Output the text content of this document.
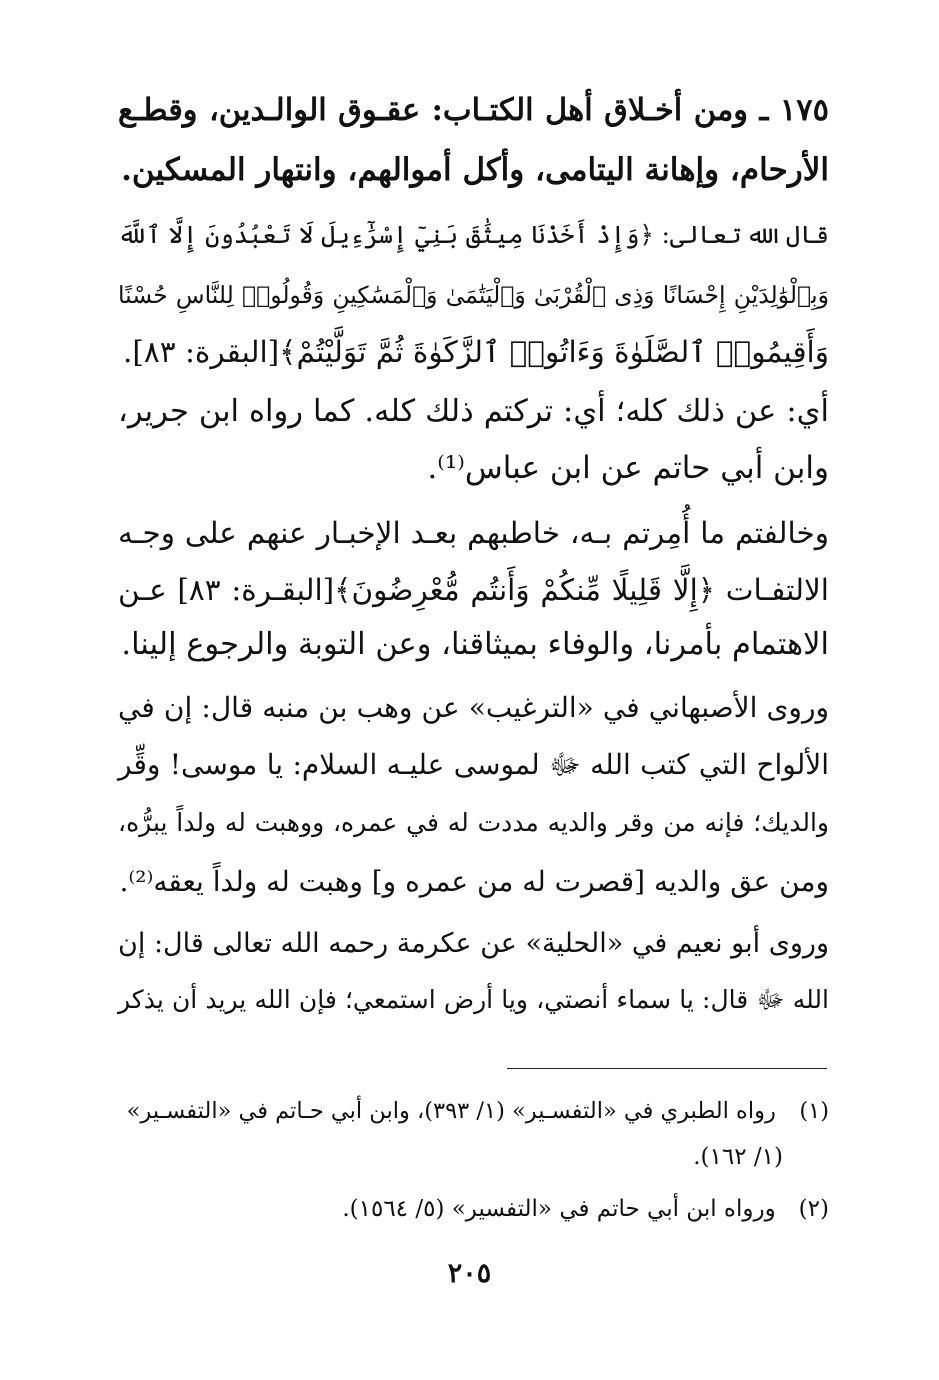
١٧٥ ـ ومن أخـلاق أهل الكتـاب: عقـوق الوالـدين، وقطـع
الأرحام، وإهانة اليتامى، وأكل أموالهم، وانتهار المسكين.
قال الله تعالى: ﴿وَإِذْ أَخَذْنَا مِيثَٰقَ بَنِيٓ إِسْرَٰٓءِيلَ لَا تَعْبُدُونَ إِلَّا ٱللَّهَ
وَبِٱلْوَٰلِدَيْنِ إِحْسَانًا وَذِى ٱلْقُرْبَىٰ وَٱلْيَتَٰمَىٰ وَٱلْمَسَٰكِينِ وَقُولُوا۟ لِلنَّاسِ حُسْنًا
وَأَقِيمُوا۟ ٱلصَّلَوٰةَ وَءَاتُوا۟ ٱلزَّكَوٰةَ ثُمَّ تَوَلَّيْتُمْ﴾[البقرة: ٨٣].
أي: عن ذلك كله؛ أي: تركتم ذلك كله. كما رواه ابن جرير،
وابن أبي حاتم عن ابن عباس⁽¹⁾.
وخالفتم ما أُمِرتم بـه، خاطبهم بعـد الإخبـار عنهم على وجـه
الالتفـات ﴿إِلَّا قَلِيلًا مِّنكُمْ وَأَنتُم مُّعْرِضُونَ﴾[البقـرة: ٨٣] عـن
الاهتمام بأمرنا، والوفاء بميثاقنا، وعن التوبة والرجوع إلينا.
وروى الأصبهاني في «الترغيب» عن وهب بن منبه قال: إن في
الألواح التي كتب الله ﷻ لموسى عليـه السلام: يا موسى! وقِّر
والديك؛ فإنه من وقر والديه مددت له في عمره، ووهبت له ولداً يبرُّه،
ومن عق والديه [قصرت له من عمره و] وهبت له ولداً يعقه⁽²⁾.
وروى أبو نعيم في «الحلية» عن عكرمة رحمه الله تعالى قال: إن
الله ﷻ قال: يا سماء أنصتي، ويا أرض استمعي؛ فإن الله يريد أن يذكر
(١) رواه الطبري في «التفسـير» (١/ ٣٩٣)، وابن أبي حـاتم في «التفسـير»
(١/ ١٦٢).
(٢) ورواه ابن أبي حاتم في «التفسير» (٥/ ١٥٦٤).
٢٠٥
